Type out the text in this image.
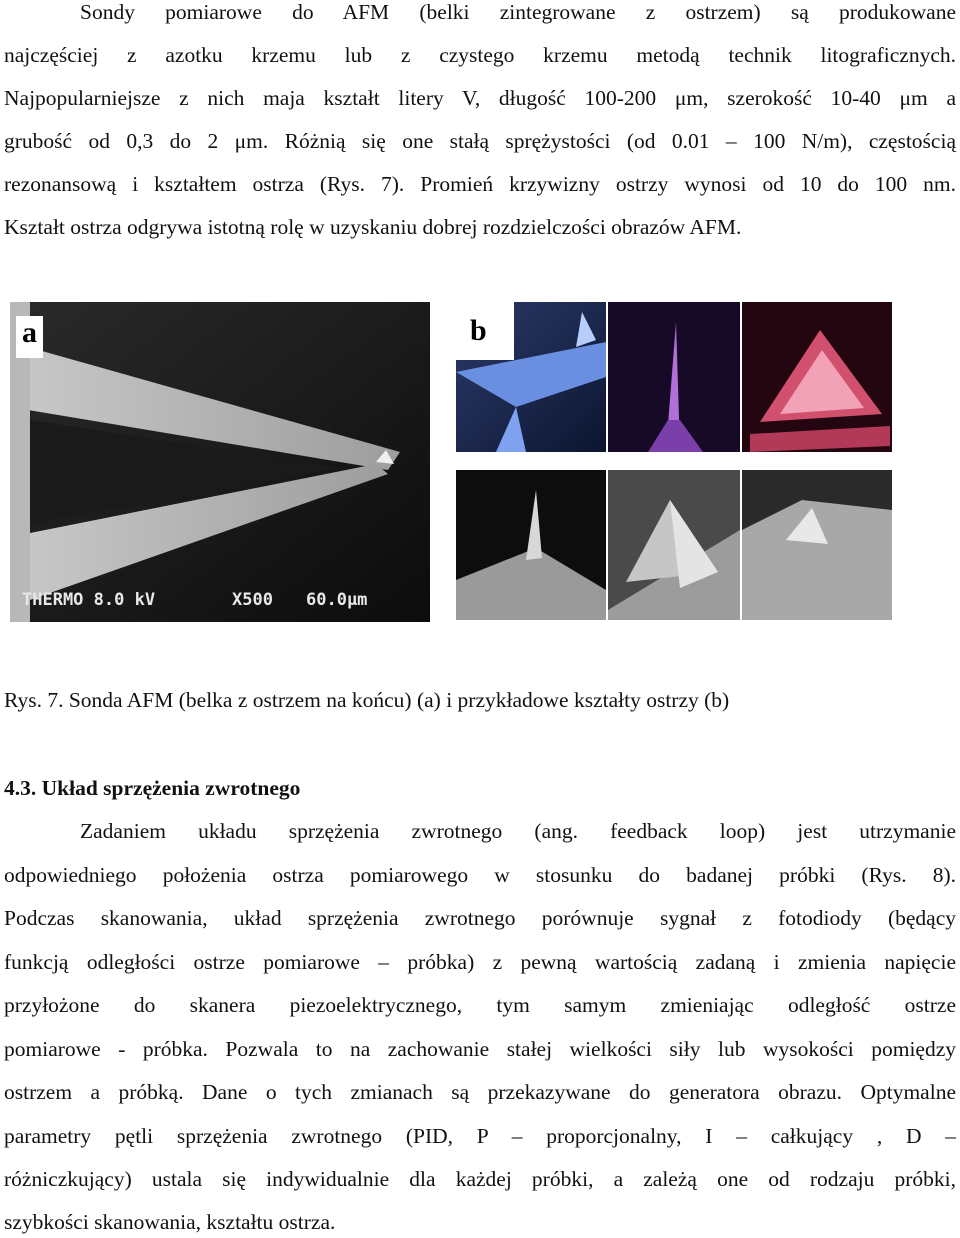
Sondy pomiarowe do AFM (belki zintegrowane z ostrzem) są produkowane
najczęściej z azotku krzemu lub z czystego krzemu metodą technik litograficznych.
Najpopularniejsze z nich maja kształt litery V, długość 100-200 μm, szerokość 10-40 μm a
grubość od 0,3 do 2 μm. Różnią się one stałą sprężystości (od 0.01 – 100 N/m), częstością
rezonansową i kształtem ostrza (Rys. 7). Promień krzywizny ostrzy wynosi od 10 do 100 nm.
Kształt ostrza odgrywa istotną rolę w uzyskaniu dobrej rozdzielczości obrazów AFM.
THERMO 8.0 kV	X500 60.0μm
a	b
Rys. 7. Sonda AFM (belka z ostrzem na końcu) (a) i przykładowe kształty ostrzy (b)
4.3. Układ sprzężenia zwrotnego
Zadaniem układu sprzężenia zwrotnego (ang. feedback loop) jest utrzymanie
odpowiedniego położenia ostrza pomiarowego w stosunku do badanej próbki (Rys. 8).
Podczas skanowania, układ sprzężenia zwrotnego porównuje sygnał z fotodiody (będący
funkcją odległości ostrze pomiarowe – próbka) z pewną wartością zadaną i zmienia napięcie
przyłożone do skanera piezoelektrycznego, tym samym zmieniając odległość ostrze
pomiarowe - próbka. Pozwala to na zachowanie stałej wielkości siły lub wysokości pomiędzy
ostrzem a próbką. Dane o tych zmianach są przekazywane do generatora obrazu. Optymalne
parametry pętli sprzężenia zwrotnego (PID, P – proporcjonalny, I – całkujący , D –
różniczkujący) ustala się indywidualnie dla każdej próbki, a zależą one od rodzaju próbki,
szybkości skanowania, kształtu ostrza.
